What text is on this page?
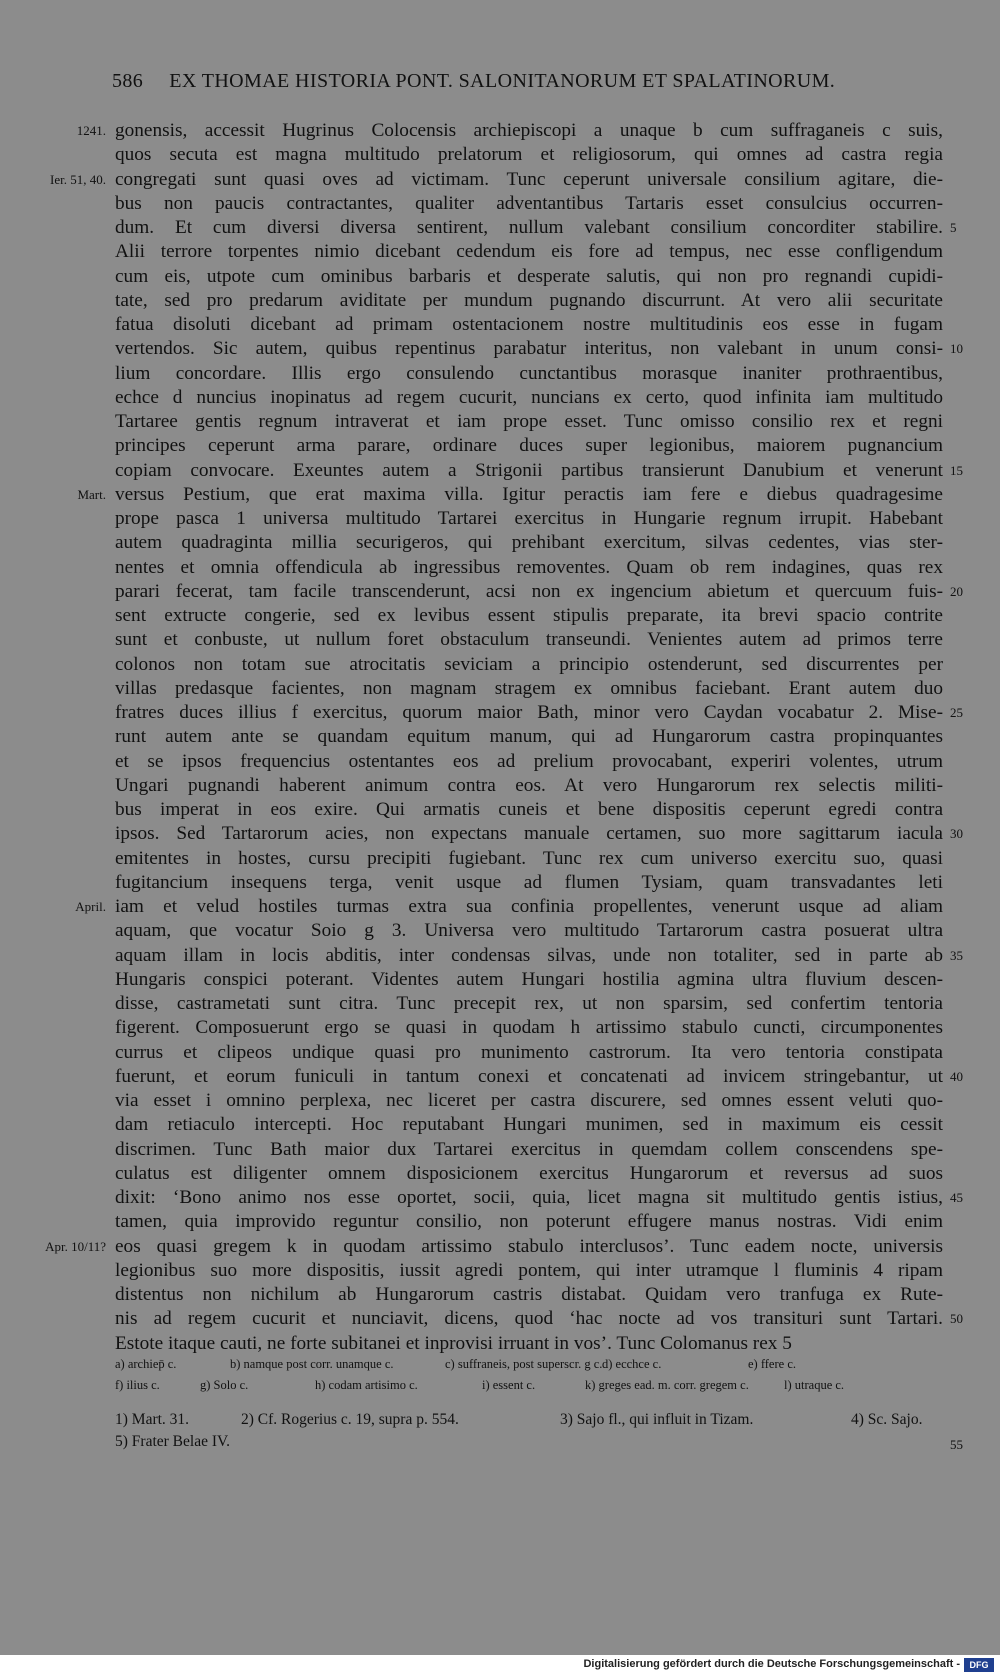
586 EX THOMAE HISTORIA PONT. SALONITANORUM ET SPALATINORUM.
gonensis, accessit Hugrinus Colocensis archiepiscopi a unaque b cum suffraganeis c suis,
1241.
quos secuta est magna multitudo prelatorum et religiosorum, qui omnes ad castra regia
congregati sunt quasi oves ad victimam. Tunc ceperunt universale consilium agitare, die-
Ier. 51, 40.
bus non paucis contractantes, qualiter adventantibus Tartaris esset consulcius occurren-
dum. Et cum diversi diversa sentirent, nullum valebant consilium concorditer stabilire. 5
Alii terrore torpentes nimio dicebant cedendum eis fore ad tempus, nec esse confligendum
cum eis, utpote cum ominibus barbaris et desperate salutis, qui non pro regnandi cupidi-
tate, sed pro predarum aviditate per mundum pugnando discurrunt. At vero alii securitate
fatua disoluti dicebant ad primam ostentacionem nostre multitudinis eos esse in fugam
vertendos. Sic autem, quibus repentinus parabatur interitus, non valebant in unum consi- 10
lium concordare. Illis ergo consulendo cunctantibus morasque inaniter prothraentibus,
echce d nuncius inopinatus ad regem cucurit, nuncians ex certo, quod infinita iam multitudo
Tartaree gentis regnum intraverat et iam prope esset. Tunc omisso consilio rex et regni
principes ceperunt arma parare, ordinare duces super legionibus, maiorem pugnancium
copiam convocare. Exeuntes autem a Strigonii partibus transierunt Danubium et venerunt 15
versus Pestium, que erat maxima villa. Igitur peractis iam fere e diebus quadragesime
Mart.
prope pasca 1 universa multitudo Tartarei exercitus in Hungarie regnum irrupit. Habebant
autem quadraginta millia securigeros, qui prehibant exercitum, silvas cedentes, vias ster-
nentes et omnia offendicula ab ingressibus removentes. Quam ob rem indagines, quas rex
parari fecerat, tam facile transcenderunt, acsi non ex ingencium abietum et quercuum fuis- 20
sent extructe congerie, sed ex levibus essent stipulis preparate, ita brevi spacio contrite
sunt et conbuste, ut nullum foret obstaculum transeundi. Venientes autem ad primos terre
colonos non totam sue atrocitatis seviciam a principio ostenderunt, sed discurrentes per
villas predasque facientes, non magnam stragem ex omnibus faciebant. Erant autem duo
fratres duces illius f exercitus, quorum maior Bath, minor vero Caydan vocabatur 2. Mise- 25
runt autem ante se quandam equitum manum, qui ad Hungarorum castra propinquantes
et se ipsos frequencius ostentantes eos ad prelium provocabant, experiri volentes, utrum
Ungari pugnandi haberent animum contra eos. At vero Hungarorum rex selectis militi-
bus imperat in eos exire. Qui armatis cuneis et bene dispositis ceperunt egredi contra
ipsos. Sed Tartarorum acies, non expectans manuale certamen, suo more sagittarum iacula 30
emitentes in hostes, cursu precipiti fugiebant. Tunc rex cum universo exercitu suo, quasi
fugitancium insequens terga, venit usque ad flumen Tysiam, quam transvadantes leti
iam et velud hostiles turmas extra sua confinia propellentes, venerunt usque ad aliam
April.
aquam, que vocatur Soio g 3. Universa vero multitudo Tartarorum castra posuerat ultra
aquam illam in locis abditis, inter condensas silvas, unde non totaliter, sed in parte ab 35
Hungaris conspici poterant. Videntes autem Hungari hostilia agmina ultra fluvium descen-
disse, castrametati sunt citra. Tunc precepit rex, ut non sparsim, sed confertim tentoria
figerent. Composuerunt ergo se quasi in quodam h artissimo stabulo cuncti, circumponentes
currus et clipeos undique quasi pro munimento castrorum. Ita vero tentoria constipata
fuerunt, et eorum funiculi in tantum conexi et concatenati ad invicem stringebantur, ut 40
via esset i omnino perplexa, nec liceret per castra discurere, sed omnes essent veluti quo-
dam retiaculo intercepti. Hoc reputabant Hungari munimen, sed in maximum eis cessit
discrimen. Tunc Bath maior dux Tartarei exercitus in quemdam collem conscendens spe-
culatus est diligenter omnem disposicionem exercitus Hungarorum et reversus ad suos
dixit: ‘Bono animo nos esse oportet, socii, quia, licet magna sit multitudo gentis istius, 45
tamen, quia improvido reguntur consilio, non poterunt effugere manus nostras. Vidi enim
eos quasi gregem k in quodam artissimo stabulo interclusos’. Tunc eadem nocte, universis
Apr. 10/11?
legionibus suo more dispositis, iussit agredi pontem, qui inter utramque l fluminis 4 ripam
distentus non nichilum ab Hungarorum castris distabat. Quidam vero tranfuga ex Rute-
nis ad regem cucurit et nunciavit, dicens, quod ‘hac nocte ad vos transituri sunt Tartari. 50
Estote itaque cauti, ne forte subitanei et inprovisi irruant in vos’. Tunc Colomanus rex 5
a) archiep̄ c.	b) namque post corr. unamque c.	c) suffraneis, post superscr. g c. d) ecchce c.	e) ffere c.
f) ilius c.	g) Solo c.	h) codam artisimo c.	i) essent c.	k) greges ead. m. corr. gregem c.	l) utraque c.
1) Mart. 31.	2) Cf. Rogerius c. 19, supra p. 554.	3) Sajo fl., qui influit in Tizam.	4) Sc. Sajo.
5) Frater Belae IV.	55
Digitalisierung gefördert durch die Deutsche Forschungsgemeinschaft -	DFG
